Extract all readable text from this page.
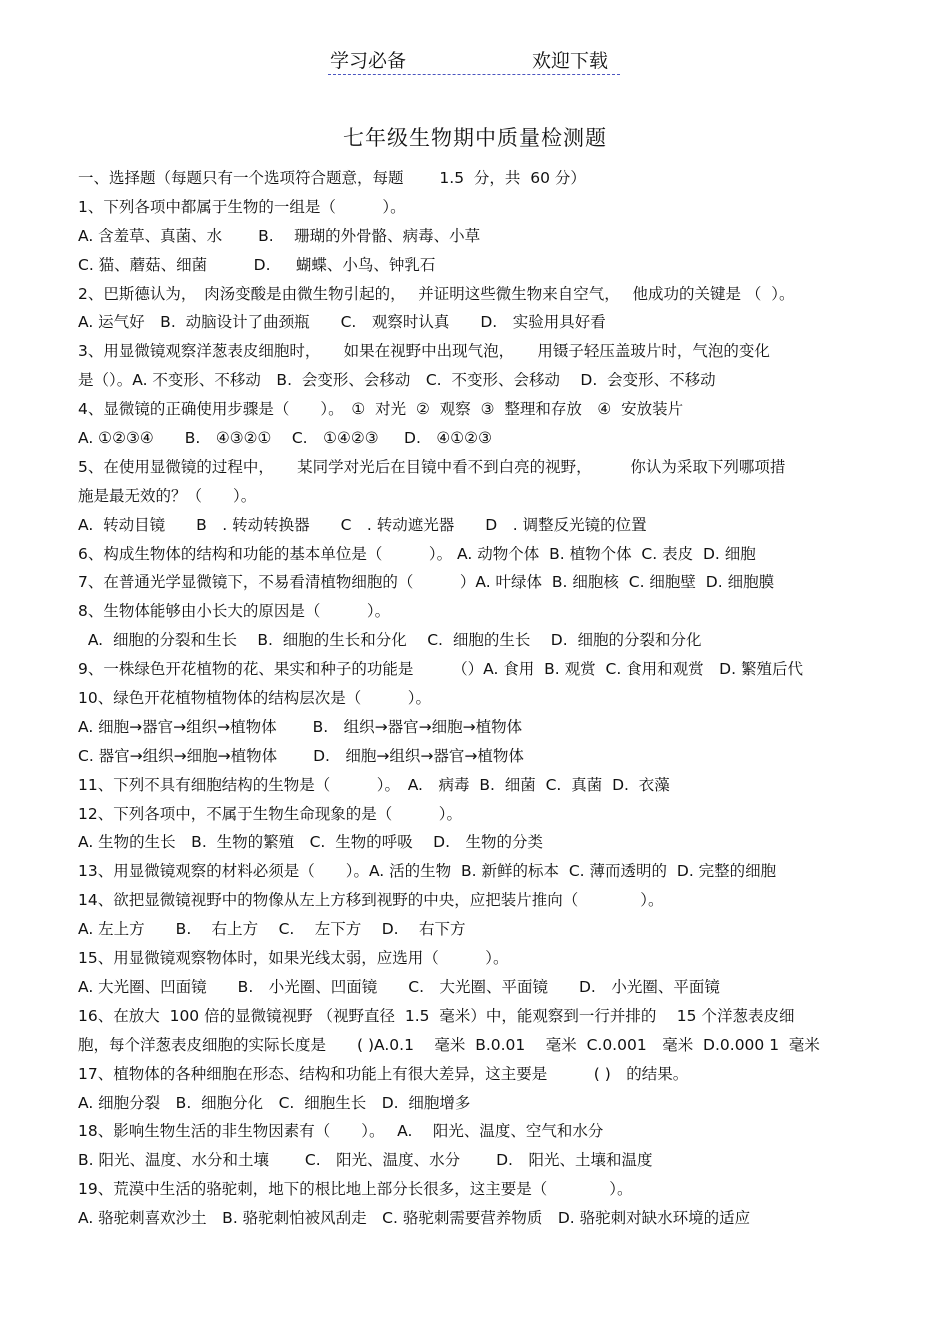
学习必备	欢迎下载
七年级生物期中质量检测题
一、选择题（每题只有一个选项符合题意，每题　　 1.5  分，共  60 分）
1、下列各项中都属于生物的一组是（　　　）。
A. 含羞草、真菌、水　　 B.　 珊瑚的外骨骼、病毒、小草
C. 猫、蘑菇、细菌　　　D.　  蝴蝶、小鸟、钟乳石
2、巴斯德认为，　肉汤变酸是由微生物引起的，　 并证明这些微生物来自空气，　 他成功的关键是 （  ）。
A. 运气好　B.  动脑设计了曲颈瓶　　C.　观察时认真　　D.　实验用具好看
3、用显微镜观察洋葱表皮细胞时，　　如果在视野中出现气泡，　　用镊子轻压盖玻片时，气泡的变化
是（）。A. 不变形、不移动　B.  会变形、会移动　C.  不变形、会移动　 D.  会变形、不移动
4、显微镜的正确使用步骤是（　　）。　①  对光  ②  观察  ③  整理和存放　④  安放装片
A. ①②③④　　B.　④③②①　 C.　①④②③　  D.　④①②③
5、在使用显微镜的过程中，　　某同学对光后在目镜中看不到白亮的视野，　　　你认为采取下列哪项措
施是最无效的？（　　）。
A.  转动目镜　　B　. 转动转换器　　C　. 转动遮光器　　D　. 调整反光镜的位置
6、构成生物体的结构和功能的基本单位是（　　　）。 A. 动物个体  B. 植物个体  C. 表皮  D. 细胞
7、在普通光学显微镜下，不易看清植物细胞的（　　　）A. 叶绿体  B. 细胞核  C. 细胞壁  D. 细胞膜
8、生物体能够由小长大的原因是（　　　）。
A.  细胞的分裂和生长　 B.  细胞的生长和分化　 C.  细胞的生长　 D.  细胞的分裂和分化
9、一株绿色开花植物的花、果实和种子的功能是　　　（）A. 食用  B. 观赏  C. 食用和观赏　D. 繁殖后代
10、绿色开花植物植物体的结构层次是（　　　）。
A. 细胞→器官→组织→植物体　　 B.　组织→器官→细胞→植物体
C. 器官→组织→细胞→植物体　　 D.　细胞→组织→器官→植物体
11、下列不具有细胞结构的生物是（　　　）。　A.　病毒  B.  细菌  C.  真菌  D.  衣藻
12、下列各项中，不属于生物生命现象的是（　　　）。
A. 生物的生长　B.  生物的繁殖　C.  生物的呼吸　 D.　生物的分类
13、用显微镜观察的材料必须是（　　）。A. 活的生物  B. 新鲜的标本  C. 薄而透明的  D. 完整的细胞
14、欲把显微镜视野中的物像从左上方移到视野的中央，应把装片推向（　　　　）。
A. 左上方　　B.　 右上方　 C.　 左下方　 D.　 右下方
15、用显微镜观察物体时，如果光线太弱，应选用（　　　）。
A. 大光圈、凹面镜　　B.　小光圈、凹面镜　　C.　大光圈、平面镜　　D.　小光圈、平面镜
16、在放大  100 倍的显微镜视野 （视野直径  1.5  毫米）中，能观察到一行并排的　 15 个洋葱表皮细
胞，每个洋葱表皮细胞的实际长度是　　( )A.0.1　 毫米  B.0.01　 毫米  C.0.001　毫米  D.0.000 1  毫米
17、植物体的各种细胞在形态、结构和功能上有很大差异，这主要是　　　( )　的结果。
A. 细胞分裂　B.  细胞分化　C.  细胞生长　D.  细胞增多
18、影响生物生活的非生物因素有（　　）。　 A.　 阳光、温度、空气和水分
B. 阳光、温度、水分和土壤　　 C.　阳光、温度、水分　　 D.　阳光、土壤和温度
19、荒漠中生活的骆驼刺，地下的根比地上部分长很多，这主要是（　　　　）。
A. 骆驼刺喜欢沙土　B. 骆驼刺怕被风刮走　C. 骆驼刺需要营养物质　D. 骆驼刺对缺水环境的适应
